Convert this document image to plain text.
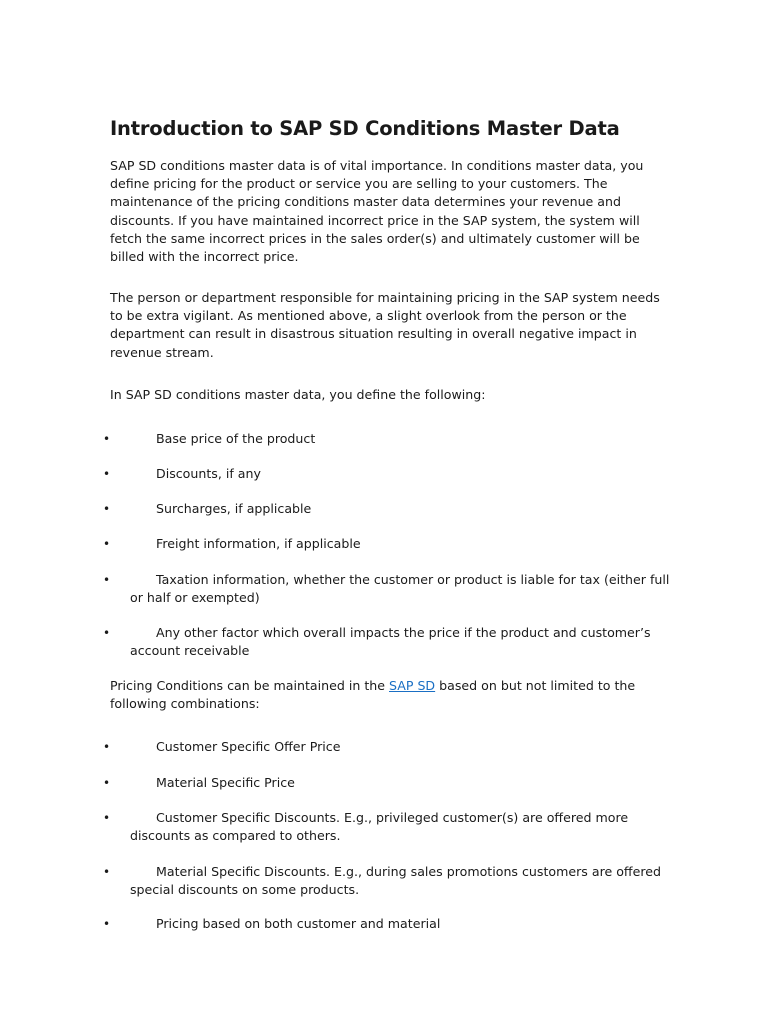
Introduction to SAP SD Conditions Master Data

SAP SD conditions master data is of vital importance. In conditions master data, you define pricing for the product or service you are selling to your customers. The maintenance of the pricing conditions master data determines your revenue and discounts. If you have maintained incorrect price in the SAP system, the system will fetch the same incorrect prices in the sales order(s) and ultimately customer will be billed with the incorrect price.

The person or department responsible for maintaining pricing in the SAP system needs to be extra vigilant. As mentioned above, a slight overlook from the person or the department can result in disastrous situation resulting in overall negative impact in revenue stream.

In SAP SD conditions master data, you define the following:

•	Base price of the product
•	Discounts, if any
•	Surcharges, if applicable
•	Freight information, if applicable
•	Taxation information, whether the customer or product is liable for tax (either full or half or exempted)
•	Any other factor which overall impacts the price if the product and customer’s account receivable

Pricing Conditions can be maintained in the SAP SD based on but not limited to the following combinations:

•	Customer Specific Offer Price
•	Material Specific Price
•	Customer Specific Discounts. E.g., privileged customer(s) are offered more discounts as compared to others.
•	Material Specific Discounts. E.g., during sales promotions customers are offered special discounts on some products.
•	Pricing based on both customer and material
